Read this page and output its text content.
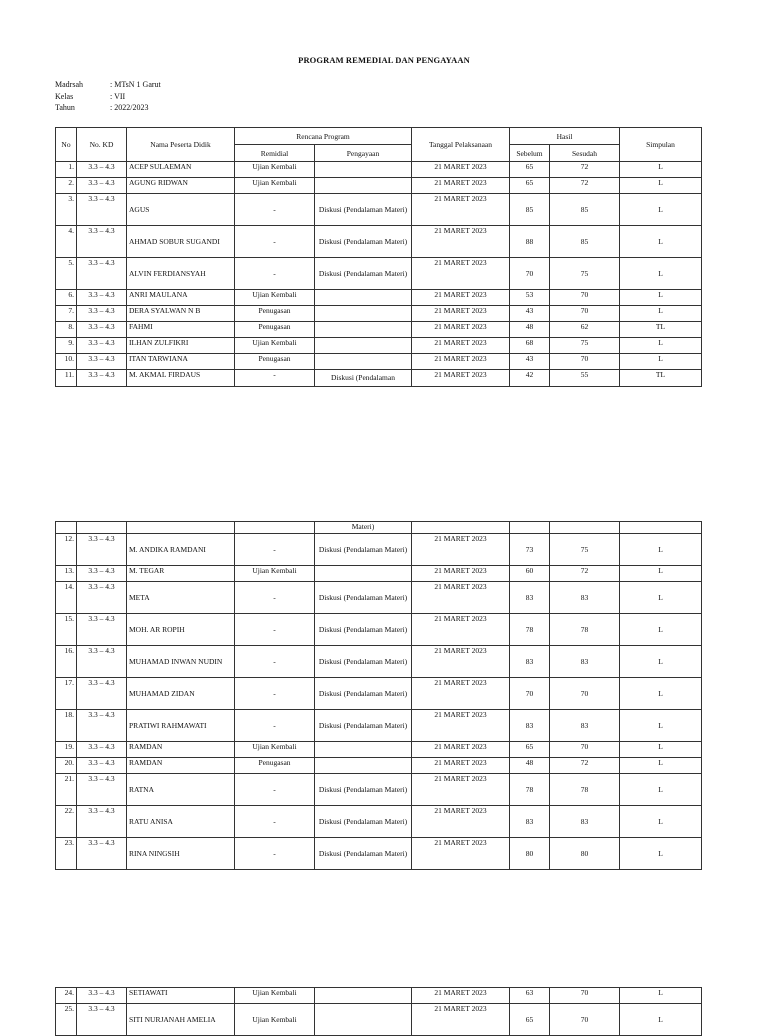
PROGRAM REMEDIAL DAN PENGAYAAN
Madrsah	: MTsN 1 Garut
Kelas	: VII
Tahun	: 2022/2023
No	No. KD	Nama Peserta Didik	Rencana Program		Tanggal Pelaksanaan	Hasil		Simpulan
			Remidial	Pengayaan		Sebelum	Sesudah	
1.	3.3 – 4.3	ACEP SULAEMAN	Ujian Kembali		21 MARET 2023	65	72	L
2.	3.3 – 4.3	AGUNG RIDWAN	Ujian Kembali		21 MARET 2023	65	72	L
3.	3.3 – 4.3	AGUS	-	Diskusi (Pendalaman Materi)	21 MARET 2023	85	85	L
4.	3.3 – 4.3	AHMAD SOBUR SUGANDI	-	Diskusi (Pendalaman Materi)	21 MARET 2023	88	85	L
5.	3.3 – 4.3	ALVIN FERDIANSYAH	-	Diskusi (Pendalaman Materi)	21 MARET 2023	70	75	L
6.	3.3 – 4.3	ANRI MAULANA	Ujian Kembali		21 MARET 2023	53	70	L
7.	3.3 – 4.3	DERA SYALWAN N B	Penugasan		21 MARET 2023	43	70	L
8.	3.3 – 4.3	FAHMI	Penugasan		21 MARET 2023	48	62	TL
9.	3.3 – 4.3	ILHAN ZULFIKRI	Ujian Kembali		21 MARET 2023	68	75	L
10.	3.3 – 4.3	ITAN TARWIANA	Penugasan		21 MARET 2023	43	70	L
11.	3.3 – 4.3	M. AKMAL FIRDAUS	-	Diskusi (Pendalaman	21 MARET 2023	42	55	TL
				Materi)				
12.	3.3 – 4.3	M. ANDIKA RAMDANI	-	Diskusi (Pendalaman Materi)	21 MARET 2023	73	75	L
13.	3.3 – 4.3	M. TEGAR	Ujian Kembali		21 MARET 2023	60	72	L
14.	3.3 – 4.3	META	-	Diskusi (Pendalaman Materi)	21 MARET 2023	83	83	L
15.	3.3 – 4.3	MOH. AR ROPIH	-	Diskusi (Pendalaman Materi)	21 MARET 2023	78	78	L
16.	3.3 – 4.3	MUHAMAD INWAN NUDIN	-	Diskusi (Pendalaman Materi)	21 MARET 2023	83	83	L
17.	3.3 – 4.3	MUHAMAD ZIDAN	-	Diskusi (Pendalaman Materi)	21 MARET 2023	70	70	L
18.	3.3 – 4.3	PRATIWI RAHMAWATI	-	Diskusi (Pendalaman Materi)	21 MARET 2023	83	83	L
19.	3.3 – 4.3	RAMDAN	Ujian Kembali		21 MARET 2023	65	70	L
20.	3.3 – 4.3	RAMDAN	Penugasan		21 MARET 2023	48	72	L
21.	3.3 – 4.3	RATNA	-	Diskusi (Pendalaman Materi)	21 MARET 2023	78	78	L
22.	3.3 – 4.3	RATU ANISA	-	Diskusi (Pendalaman Materi)	21 MARET 2023	83	83	L
23.	3.3 – 4.3	RINA NINGSIH	-	Diskusi (Pendalaman Materi)	21 MARET 2023	80	80	L
24.	3.3 – 4.3	SETIAWATI	Ujian Kembali		21 MARET 2023	63	70	L
25.	3.3 – 4.3	SITI NURJANAH AMELIA	Ujian Kembali		21 MARET 2023	65	70	L
